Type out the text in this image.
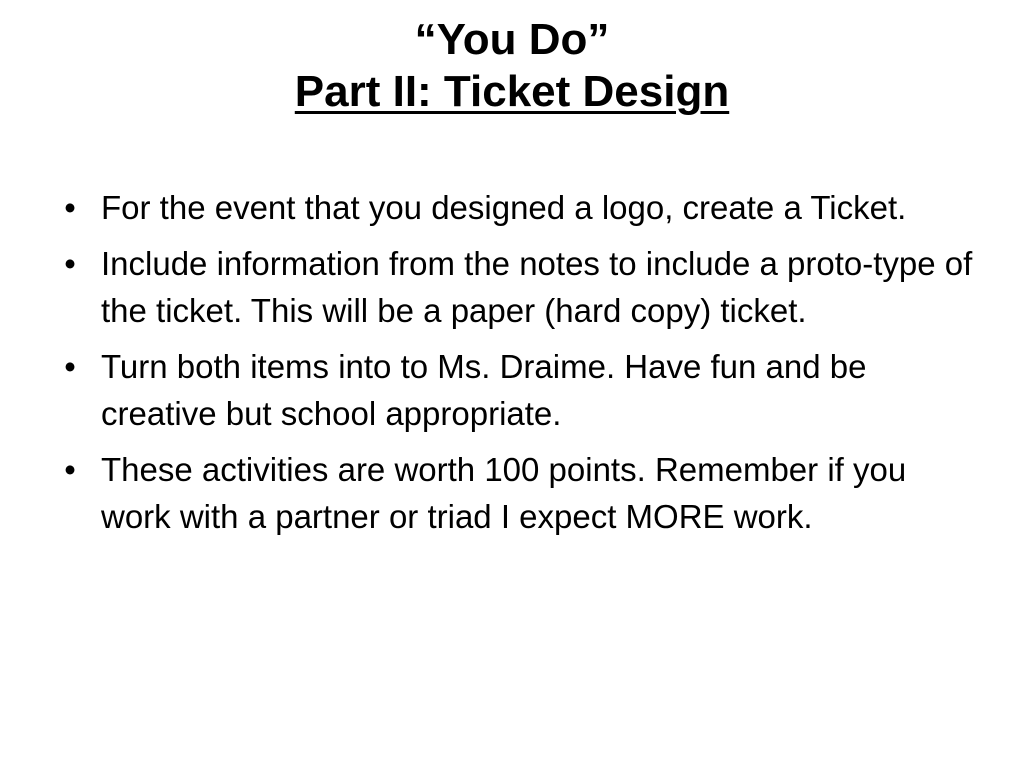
“You Do”
Part II: Ticket Design
• For the event that you designed a logo, create a Ticket.
• Include information from the notes to include a proto-type of the ticket. This will be a paper (hard copy) ticket.
• Turn both items into to Ms. Draime. Have fun and be creative but school appropriate.
• These activities are worth 100 points. Remember if you work with a partner or triad I expect MORE work.
